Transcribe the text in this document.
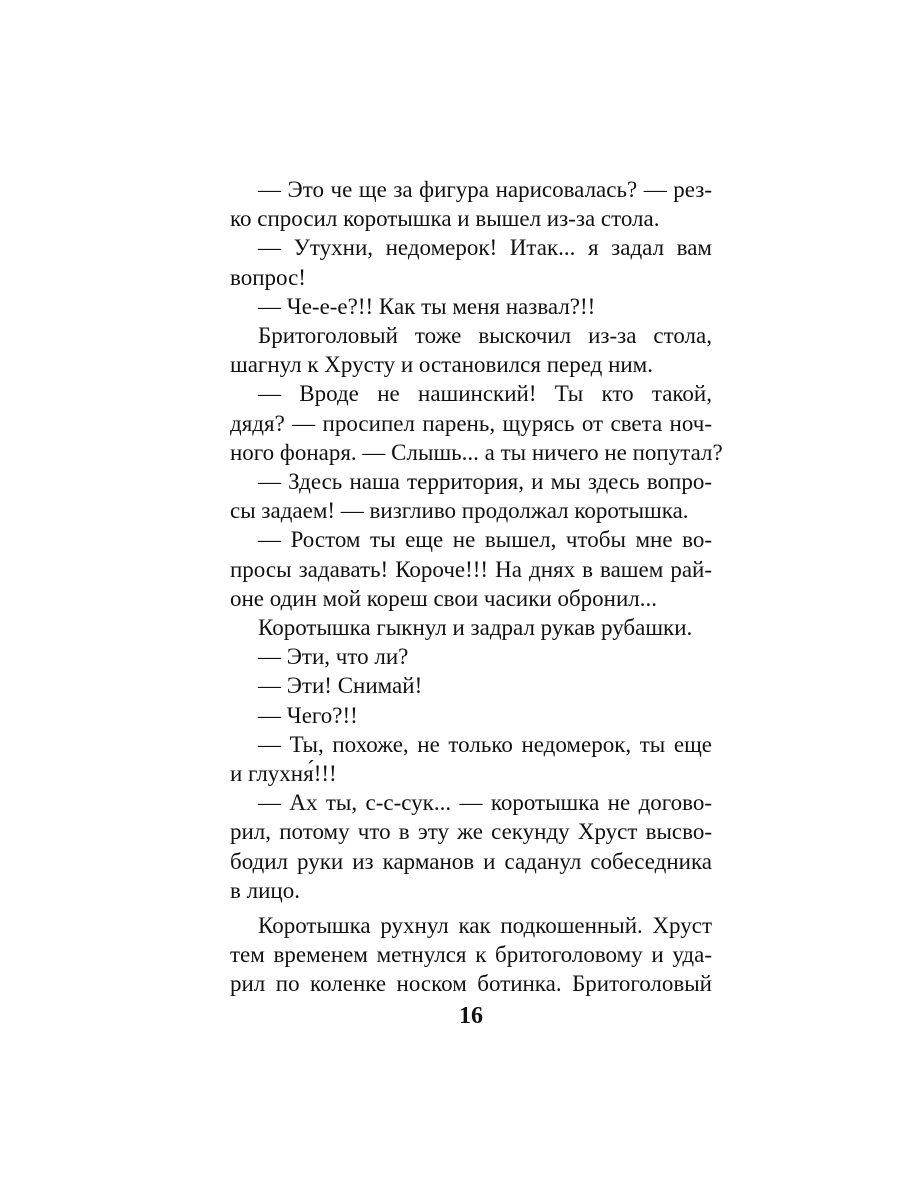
— Это че ще за фигура нарисовалась? — рез-
ко спросил коротышка и вышел из-за стола.

— Утухни, недомерок! Итак... я задал вам
вопрос!

— Че-е-е?!! Как ты меня назвал?!!

Бритоголовый тоже выскочил из-за стола,
шагнул к Хрусту и остановился перед ним.

— Вроде не нашинский! Ты кто такой,
дядя? — просипел парень, щурясь от света ноч-
ного фонаря. — Слышь... а ты ничего не попутал?

— Здесь наша территория, и мы здесь вопро-
сы задаем! — визгливо продолжал коротышка.

— Ростом ты еще не вышел, чтобы мне во-
просы задавать! Короче!!! На днях в вашем рай-
оне один мой кореш свои часики обронил...

Коротышка гыкнул и задрал рукав рубашки.

— Эти, что ли?

— Эти! Снимай!

— Чего?!!

— Ты, похоже, не только недомерок, ты еще
и глухня́!!!

— Ах ты, с-с-сук... — коротышка не догово-
рил, потому что в эту же секунду Хруст высво-
бодил руки из карманов и саданул собеседника
в лицо.

Коротышка рухнул как подкошенный. Хруст
тем временем метнулся к бритоголовому и уда-
рил по коленке носком ботинка. Бритоголовый

16
